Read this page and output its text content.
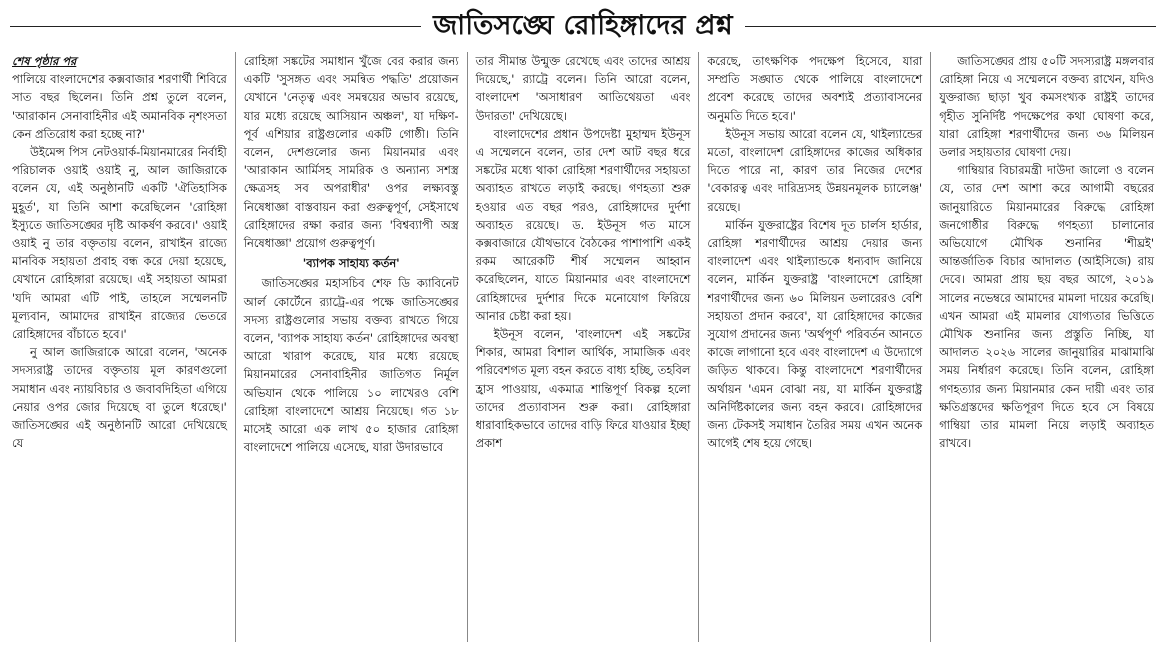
জাতিসঙ্ঘে রোহিঙ্গাদের প্রশ্ন

শেষ পৃষ্ঠার পর

পালিয়ে বাংলাদেশের কক্সবাজার শরণার্থী শিবিরে সাত বছর ছিলেন। তিনি প্রশ্ন তুলে বলেন, 'আরাকান সেনাবাহিনীর এই অমানবিক নৃশংসতা কেন প্রতিরোধ করা হচ্ছে না?'

উইমেন্স পিস নেটওয়ার্ক-মিয়ানমারের নির্বাহী পরিচালক ওয়াই ওয়াই নু, আল জাজিরাকে বলেন যে, এই অনুষ্ঠানটি একটি 'ঐতিহাসিক মুহূর্ত', যা তিনি আশা করেছিলেন 'রোহিঙ্গা ইস্যুতে জাতিসঙ্ঘের দৃষ্টি আকর্ষণ করবে।' ওয়াই ওয়াই নু তার বক্তৃতায় বলেন, রাখাইন রাজ্যে মানবিক সহায়তা প্রবাহ বন্ধ করে দেয়া হয়েছে, যেখানে রোহিঙ্গারা রয়েছে। এই সহায়তা আমরা 'যদি আমরা এটি পাই, তাহলে সম্মেলনটি মূল্যবান, আমাদের রাখাইন রাজ্যের ভেতরে রোহিঙ্গাদের বাঁচাতে হবে।'

নু আল জাজিরাকে আরো বলেন, 'অনেক সদস্যরাষ্ট্র তাদের বক্তৃতায় মূল কারণগুলো সমাধান এবং ন্যায়বিচার ও জবাবদিহিতা এগিয়ে নেয়ার ওপর জোর দিয়েছে বা তুলে ধরেছে।' জাতিসঙ্ঘের এই অনুষ্ঠানটি আরো দেখিয়েছে যে

রোহিঙ্গা সঙ্কটের সমাধান খুঁজে বের করার জন্য একটি 'সুসঙ্গত এবং সমন্বিত পদ্ধতি' প্রয়োজন যেখানে 'নেতৃত্ব এবং সমন্বয়ের অভাব রয়েছে, যার মধ্যে রয়েছে আসিয়ান অঞ্চল', যা দক্ষিণ-পূর্ব এশিয়ার রাষ্ট্রগুলোর একটি গোষ্ঠী। তিনি বলেন, দেশগুলোর জন্য মিয়ানমার এবং 'আরাকান আর্মিসহ সামরিক ও অন্যান্য সশস্ত্র ক্ষেত্রসহ সব অপরাধীর' ওপর লক্ষ্যবস্তু নিষেধাজ্ঞা বাস্তবায়ন করা গুরুত্বপূর্ণ, সেইসাথে রোহিঙ্গাদের রক্ষা করার জন্য 'বিশ্বব্যাপী অস্ত্র নিষেধাজ্ঞা' প্রয়োগ গুরুত্বপূর্ণ।

'ব্যাপক সাহায্য কর্তন'

জাতিসঙ্ঘের মহাসচিব শেফ ডি ক্যাবিনেট আর্ল কোর্টেনে র‍্যাট্রে-এর পক্ষে জাতিসঙ্ঘের সদস্য রাষ্ট্রগুলোর সভায় বক্তব্য রাখতে গিয়ে বলেন, 'ব্যাপক সাহায্য কর্তন' রোহিঙ্গাদের অবস্থা আরো খারাপ করেছে, যার মধ্যে রয়েছে মিয়ানমারের সেনাবাহিনীর জাতিগত নির্মূল অভিযান থেকে পালিয়ে ১০ লাখেরও বেশি রোহিঙ্গা বাংলাদেশে আশ্রয় নিয়েছে। গত ১৮ মাসেই আরো এক লাখ ৫০ হাজার রোহিঙ্গা বাংলাদেশে পালিয়ে এসেছে, যারা উদারভাবে

তার সীমান্ত উন্মুক্ত রেখেছে এবং তাদের আশ্রয় দিয়েছে,' র‍্যাট্রে বলেন। তিনি আরো বলেন, বাংলাদেশ 'অসাধারণ আতিথেয়তা এবং উদারতা' দেখিয়েছে।

বাংলাদেশের প্রধান উপদেষ্টা মুহাম্মদ ইউনূস এ সম্মেলনে বলেন, তার দেশ আট বছর ধরে সঙ্কটের মধ্যে থাকা রোহিঙ্গা শরণার্থীদের সহায়তা অব্যাহত রাখতে লড়াই করছে। গণহত্যা শুরু হওয়ার এত বছর পরও, রোহিঙ্গাদের দুর্দশা অব্যাহত রয়েছে। ড. ইউনূস গত মাসে কক্সবাজারে যৌথভাবে বৈঠকের পাশাপাশি একই রকম আরেকটি শীর্ষ সম্মেলন আহ্বান করেছিলেন, যাতে মিয়ানমার এবং বাংলাদেশে রোহিঙ্গাদের দুর্দশার দিকে মনোযোগ ফিরিয়ে আনার চেষ্টা করা হয়।

ইউনূস বলেন, 'বাংলাদেশ এই সঙ্কটের শিকার, আমরা বিশাল আর্থিক, সামাজিক এবং পরিবেশগত মূল্য বহন করতে বাধ্য হচ্ছি, তহবিল হ্রাস পাওয়ায়, একমাত্র শান্তিপূর্ণ বিকল্প হলো তাদের প্রত্যাবাসন শুরু করা। রোহিঙ্গারা ধারাবাহিকভাবে তাদের বাড়ি ফিরে যাওয়ার ইচ্ছা প্রকাশ

করেছে, তাৎক্ষণিক পদক্ষেপ হিসেবে, যারা সম্প্রতি সঙ্ঘাত থেকে পালিয়ে বাংলাদেশে প্রবেশ করেছে তাদের অবশ্যই প্রত্যাবাসনের অনুমতি দিতে হবে।'

ইউনূস সভায় আরো বলেন যে, থাইল্যান্ডের মতো, বাংলাদেশ রোহিঙ্গাদের কাজের অধিকার দিতে পারে না, কারণ তার নিজের দেশের 'বেকারত্ব এবং দারিদ্র্যসহ উন্নয়নমূলক চ্যালেঞ্জ' রয়েছে।

মার্কিন যুক্তরাষ্ট্রের বিশেষ দূত চার্লস হার্ডার, রোহিঙ্গা শরণার্থীদের আশ্রয় দেয়ার জন্য বাংলাদেশ এবং থাইল্যান্ডকে ধন্যবাদ জানিয়ে বলেন, মার্কিন যুক্তরাষ্ট্র 'বাংলাদেশে রোহিঙ্গা শরণার্থীদের জন্য ৬০ মিলিয়ন ডলারেরও বেশি সহায়তা প্রদান করবে', যা রোহিঙ্গাদের কাজের সুযোগ প্রদানের জন্য 'অর্থপূর্ণ' পরিবর্তন আনতে কাজে লাগানো হবে এবং বাংলাদেশ এ উদ্যোগে জড়িত থাকবে। কিন্তু বাংলাদেশে শরণার্থীদের অর্থায়ন 'এমন বোঝা নয়, যা মার্কিন যুক্তরাষ্ট্র অনির্দিষ্টকালের জন্য বহন করবে। রোহিঙ্গাদের জন্য টেকসই সমাধান তৈরির সময় এখন অনেক আগেই শেষ হয়ে গেছে।

জাতিসঙ্ঘের প্রায় ৫০টি সদস্যরাষ্ট্র মঙ্গলবার রোহিঙ্গা নিয়ে এ সম্মেলনে বক্তব্য রাখেন, যদিও যুক্তরাজ্য ছাড়া খুব কমসংখ্যক রাষ্ট্রই তাদের গৃহীত সুনির্দিষ্ট পদক্ষেপের কথা ঘোষণা করে, যারা রোহিঙ্গা শরণার্থীদের জন্য ৩৬ মিলিয়ন ডলার সহায়তার ঘোষণা দেয়।

গাম্বিয়ার বিচারমন্ত্রী দাউদা জালো ও বলেন যে, তার দেশ আশা করে আগামী বছরের জানুয়ারিতে মিয়ানমারের বিরুদ্ধে রোহিঙ্গা জনগোষ্ঠীর বিরুদ্ধে গণহত্যা চালানোর অভিযোগে মৌখিক শুনানির 'শীঘ্রই' আন্তর্জাতিক বিচার আদালত (আইসিজে) রায় দেবে। আমরা প্রায় ছয় বছর আগে, ২০১৯ সালের নভেম্বরে আমাদের মামলা দায়ের করেছি। এখন আমরা এই মামলার যোগ্যতার ভিত্তিতে মৌখিক শুনানির জন্য প্রস্তুতি নিচ্ছি, যা আদালত ২০২৬ সালের জানুয়ারির মাঝামাঝি সময় নির্ধারণ করেছে। তিনি বলেন, রোহিঙ্গা গণহত্যার জন্য মিয়ানমার কেন দায়ী এবং তার ক্ষতিগ্রস্তদের ক্ষতিপূরণ দিতে হবে সে বিষয়ে গাম্বিয়া তার মামলা নিয়ে লড়াই অব্যাহত রাখবে।
